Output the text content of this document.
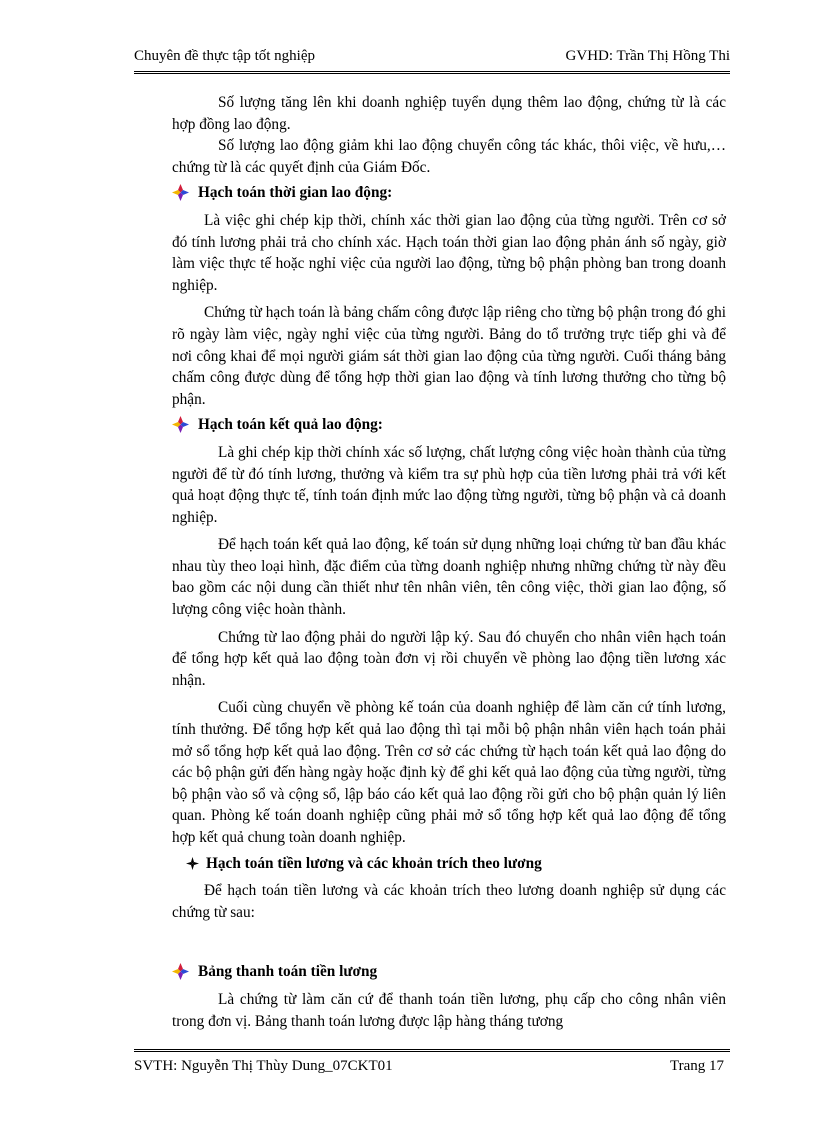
Chuyên đề thực tập tốt nghiệp	GVHD: Trần Thị Hồng Thi

Số lượng tăng lên khi doanh nghiệp tuyển dụng thêm lao động, chứng từ là các hợp đồng lao động.

Số lượng lao động giảm khi lao động chuyển công tác khác, thôi việc, về hưu,…chứng từ là các quyết định của Giám Đốc.

Hạch toán thời gian lao động:

Là việc ghi chép kịp thời, chính xác thời gian lao động của từng người. Trên cơ sở đó tính lương phải trả cho chính xác. Hạch toán thời gian lao động phản ánh số ngày, giờ làm việc thực tế hoặc nghỉ việc của người lao động, từng bộ phận phòng ban trong doanh nghiệp.

Chứng từ hạch toán là bảng chấm công được lập riêng cho từng bộ phận trong đó ghi rõ ngày làm việc, ngày nghỉ việc của từng người. Bảng do tổ trưởng trực tiếp ghi và để nơi công khai để mọi người giám sát thời gian lao động của từng người. Cuối tháng bảng chấm công được dùng để tổng hợp thời gian lao động và tính lương thưởng cho từng bộ phận.

Hạch toán kết quả lao động:

Là ghi chép kịp thời chính xác số lượng, chất lượng công việc hoàn thành của từng người để từ đó tính lương, thưởng và kiểm tra sự phù hợp của tiền lương phải trả với kết quả hoạt động thực tế, tính toán định mức lao động từng người, từng bộ phận và cả doanh nghiệp.

Để hạch toán kết quả lao động, kế toán sử dụng những loại chứng từ ban đầu khác nhau tùy theo loại hình, đặc điểm của từng doanh nghiệp nhưng những chứng từ này đều bao gồm các nội dung cần thiết như tên nhân viên, tên công việc, thời gian lao động, số lượng công việc hoàn thành.

Chứng từ lao động phải do người lập ký. Sau đó chuyển cho nhân viên hạch toán để tổng hợp kết quả lao động toàn đơn vị rồi chuyển về phòng lao động tiền lương xác nhận.

Cuối cùng chuyển về phòng kế toán của doanh nghiệp để làm căn cứ tính lương, tính thưởng. Để tổng hợp kết quả lao động thì tại mỗi bộ phận nhân viên hạch toán phải mở sổ tổng hợp kết quả lao động. Trên cơ sở các chứng từ hạch toán kết quả lao động do các bộ phận gửi đến hàng ngày hoặc định kỳ để ghi kết quả lao động của từng người, từng bộ phận vào sổ và cộng sổ, lập báo cáo kết quả lao động rồi gửi cho bộ phận quản lý liên quan. Phòng kế toán doanh nghiệp cũng phải mở sổ tổng hợp kết quả lao động để tổng hợp kết quả chung toàn doanh nghiệp.

Hạch toán tiền lương và các khoản trích theo lương

Để hạch toán tiền lương và các khoản trích theo lương doanh nghiệp sử dụng các chứng từ sau:

Bảng thanh toán tiền lương

Là chứng từ làm căn cứ để thanh toán tiền lương, phụ cấp cho công nhân viên trong đơn vị. Bảng thanh toán lương được lập hàng tháng tương

SVTH: Nguyễn Thị Thùy Dung_07CKT01	Trang 17
